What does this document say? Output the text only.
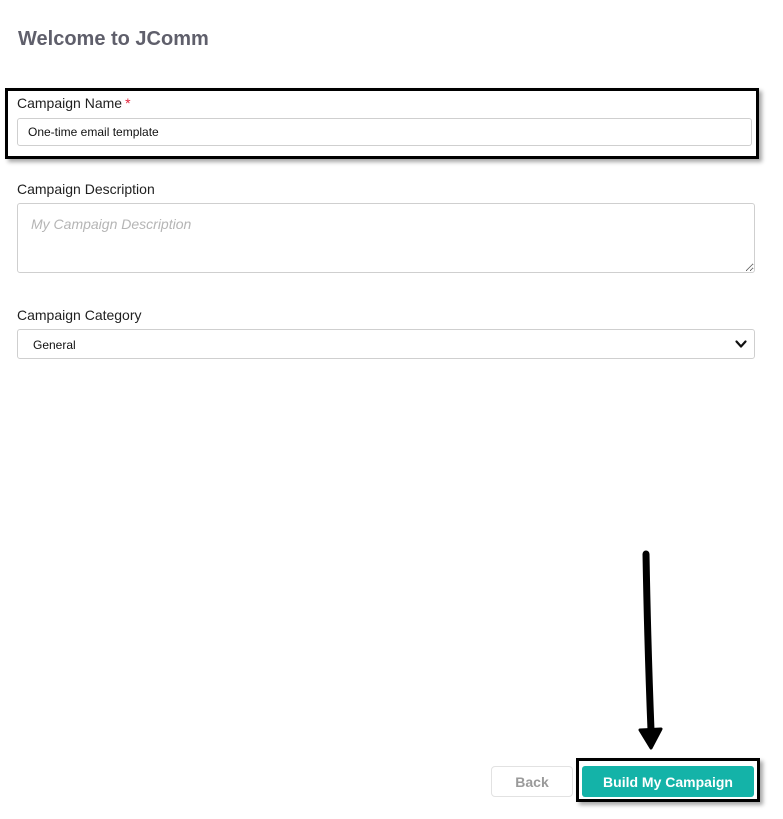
Welcome to JComm
Campaign Name *
One-time email template
Campaign Description
My Campaign Description
Campaign Category
General
Back	Build My Campaign
